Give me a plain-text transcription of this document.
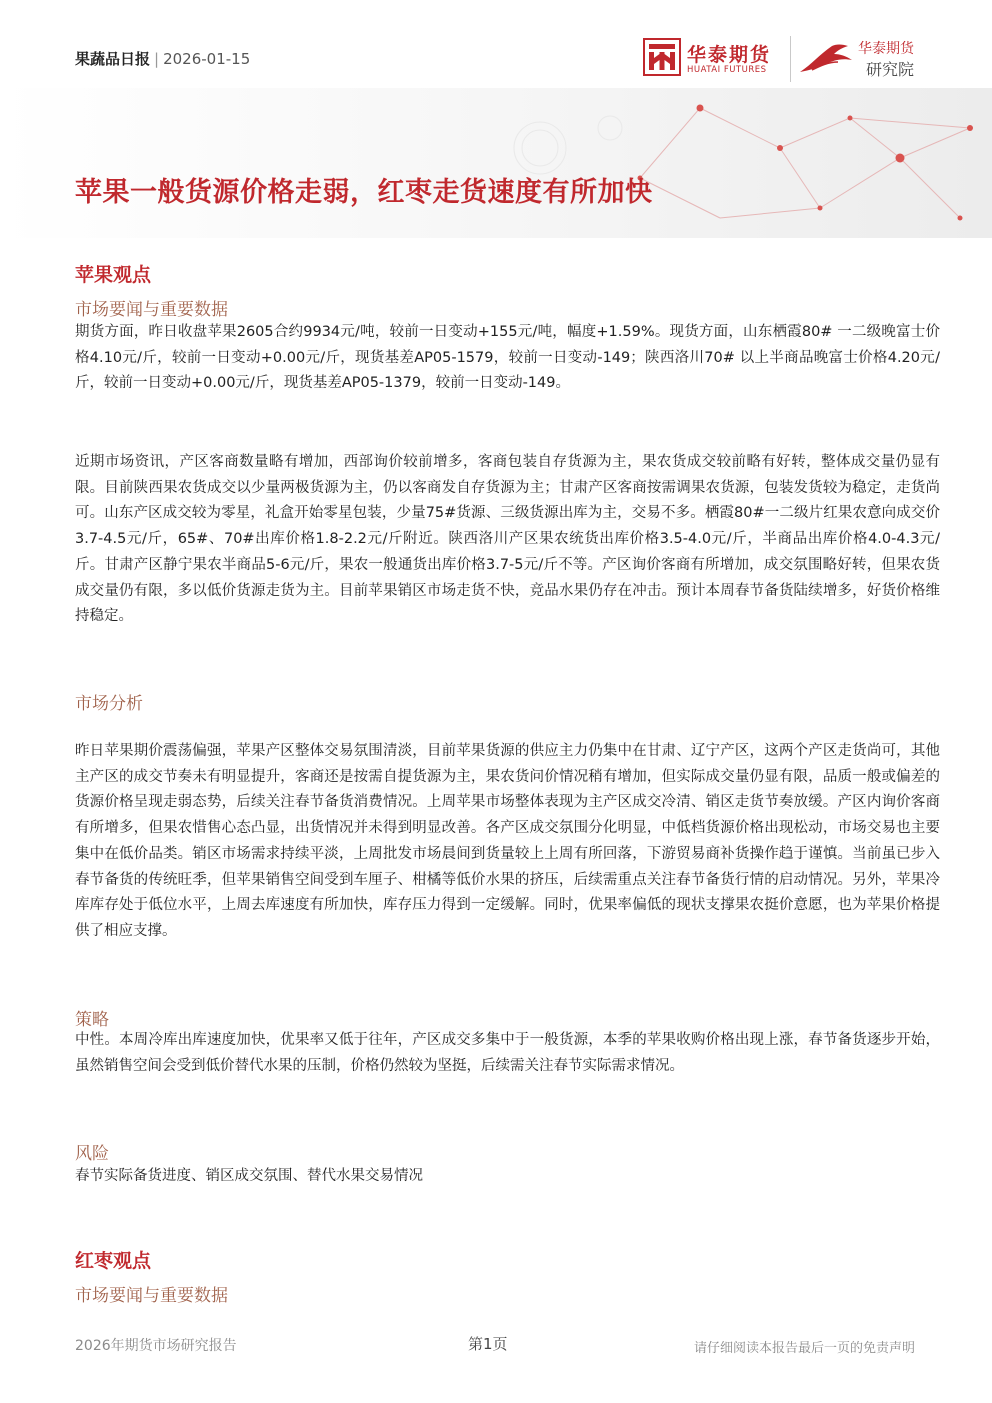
果蔬品日报 | 2026-01-15	华泰期货
HUATAI FUTURES
华泰期货
研究院
苹果一般货源价格走弱，红枣走货速度有所加快
苹果观点
市场要闻与重要数据

期货方面，昨日收盘苹果2605合约9934元/吨，较前一日变动+155元/吨，幅度+1.59%。现货方面，山东栖霞80# 一二级晚富士价格4.10元/斤，较前一日变动+0.00元/斤，现货基差AP05-1579，较前一日变动-149；陕西洛川70# 以上半商品晚富士价格4.20元/斤，较前一日变动+0.00元/斤，现货基差AP05-1379，较前一日变动-149。

近期市场资讯，产区客商数量略有增加，西部询价较前增多，客商包装自存货源为主，果农货成交较前略有好转，整体成交量仍显有限。目前陕西果农货成交以少量两极货源为主，仍以客商发自存货源为主；甘肃产区客商按需调果农货源，包装发货较为稳定，走货尚可。山东产区成交较为零星，礼盒开始零星包装，少量75#货源、三级货源出库为主，交易不多。栖霞80#一二级片红果农意向成交价3.7-4.5元/斤，65#、70#出库价格1.8-2.2元/斤附近。陕西洛川产区果农统货出库价格3.5-4.0元/斤，半商品出库价格4.0-4.3元/斤。甘肃产区静宁果农半商品5-6元/斤，果农一般通货出库价格3.7-5元/斤不等。产区询价客商有所增加，成交氛围略好转，但果农货成交量仍有限，多以低价货源走货为主。目前苹果销区市场走货不快，竞品水果仍存在冲击。预计本周春节备货陆续增多，好货价格维持稳定。

市场分析

昨日苹果期价震荡偏强，苹果产区整体交易氛围清淡，目前苹果货源的供应主力仍集中在甘肃、辽宁产区，这两个产区走货尚可，其他主产区的成交节奏未有明显提升，客商还是按需自提货源为主，果农货问价情况稍有增加，但实际成交量仍显有限，品质一般或偏差的货源价格呈现走弱态势，后续关注春节备货消费情况。上周苹果市场整体表现为主产区成交冷清、销区走货节奏放缓。产区内询价客商有所增多，但果农惜售心态凸显，出货情况并未得到明显改善。各产区成交氛围分化明显，中低档货源价格出现松动，市场交易也主要集中在低价品类。销区市场需求持续平淡，上周批发市场晨间到货量较上上周有所回落，下游贸易商补货操作趋于谨慎。当前虽已步入春节备货的传统旺季，但苹果销售空间受到车厘子、柑橘等低价水果的挤压，后续需重点关注春节备货行情的启动情况。另外，苹果冷库库存处于低位水平，上周去库速度有所加快，库存压力得到一定缓解。同时，优果率偏低的现状支撑果农挺价意愿，也为苹果价格提供了相应支撑。

策略

中性。本周冷库出库速度加快，优果率又低于往年，产区成交多集中于一般货源，本季的苹果收购价格出现上涨，春节备货逐步开始，虽然销售空间会受到低价替代水果的压制，价格仍然较为坚挺，后续需关注春节实际需求情况。

风险

春节实际备货进度、销区成交氛围、替代水果交易情况

红枣观点
市场要闻与重要数据
2026年期货市场研究报告	第1页	请仔细阅读本报告最后一页的免责声明
